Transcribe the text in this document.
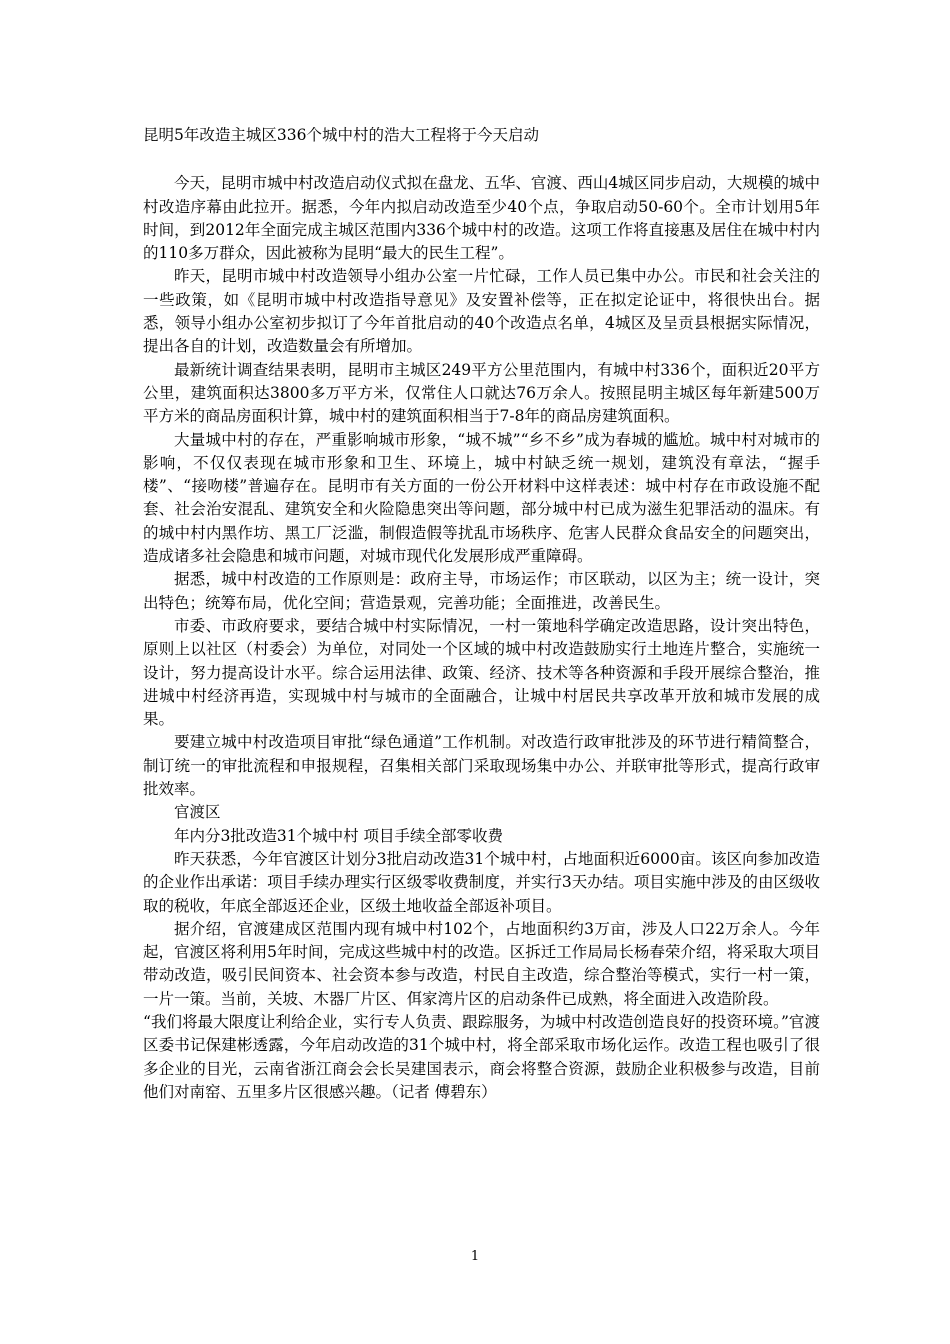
昆明5年改造主城区336个城中村的浩大工程将于今天启动

今天，昆明市城中村改造启动仪式拟在盘龙、五华、官渡、西山4城区同步启动，大规模的城中村改造序幕由此拉开。据悉，今年内拟启动改造至少40个点，争取启动50-60个。全市计划用5年时间，到2012年全面完成主城区范围内336个城中村的改造。这项工作将直接惠及居住在城中村内的110多万群众，因此被称为昆明“最大的民生工程”。

昨天，昆明市城中村改造领导小组办公室一片忙碌，工作人员已集中办公。市民和社会关注的一些政策，如《昆明市城中村改造指导意见》及安置补偿等，正在拟定论证中，将很快出台。据悉，领导小组办公室初步拟订了今年首批启动的40个改造点名单，4城区及呈贡县根据实际情况，提出各自的计划，改造数量会有所增加。

最新统计调查结果表明，昆明市主城区249平方公里范围内，有城中村336个，面积近20平方公里，建筑面积达3800多万平方米，仅常住人口就达76万余人。按照昆明主城区每年新建500万平方米的商品房面积计算，城中村的建筑面积相当于7-8年的商品房建筑面积。

大量城中村的存在，严重影响城市形象，“城不城”“乡不乡”成为春城的尴尬。城中村对城市的影响，不仅仅表现在城市形象和卫生、环境上，城中村缺乏统一规划，建筑没有章法，“握手楼”、“接吻楼”普遍存在。昆明市有关方面的一份公开材料中这样表述：城中村存在市政设施不配套、社会治安混乱、建筑安全和火险隐患突出等问题，部分城中村已成为滋生犯罪活动的温床。有的城中村内黑作坊、黑工厂泛滥，制假造假等扰乱市场秩序、危害人民群众食品安全的问题突出，造成诸多社会隐患和城市问题，对城市现代化发展形成严重障碍。

据悉，城中村改造的工作原则是：政府主导，市场运作；市区联动，以区为主；统一设计，突出特色；统筹布局，优化空间；营造景观，完善功能；全面推进，改善民生。

市委、市政府要求，要结合城中村实际情况，一村一策地科学确定改造思路，设计突出特色，原则上以社区（村委会）为单位，对同处一个区域的城中村改造鼓励实行土地连片整合，实施统一设计，努力提高设计水平。综合运用法律、政策、经济、技术等各种资源和手段开展综合整治，推进城中村经济再造，实现城中村与城市的全面融合，让城中村居民共享改革开放和城市发展的成果。

要建立城中村改造项目审批“绿色通道”工作机制。对改造行政审批涉及的环节进行精简整合，制订统一的审批流程和申报规程，召集相关部门采取现场集中办公、并联审批等形式，提高行政审批效率。

官渡区

年内分3批改造31个城中村 项目手续全部零收费

昨天获悉，今年官渡区计划分3批启动改造31个城中村，占地面积近6000亩。该区向参加改造的企业作出承诺：项目手续办理实行区级零收费制度，并实行3天办结。项目实施中涉及的由区级收取的税收，年底全部返还企业，区级土地收益全部返补项目。

据介绍，官渡建成区范围内现有城中村102个，占地面积约3万亩，涉及人口22万余人。今年起，官渡区将利用5年时间，完成这些城中村的改造。区拆迁工作局局长杨春荣介绍，将采取大项目带动改造，吸引民间资本、社会资本参与改造，村民自主改造，综合整治等模式，实行一村一策，一片一策。当前，关坡、木器厂片区、佴家湾片区的启动条件已成熟，将全面进入改造阶段。

“我们将最大限度让利给企业，实行专人负责、跟踪服务，为城中村改造创造良好的投资环境。”官渡区委书记保建彬透露，今年启动改造的31个城中村，将全部采取市场化运作。改造工程也吸引了很多企业的目光，云南省浙江商会会长吴建国表示，商会将整合资源，鼓励企业积极参与改造，目前他们对南窑、五里多片区很感兴趣。（记者 傅碧东）

1
